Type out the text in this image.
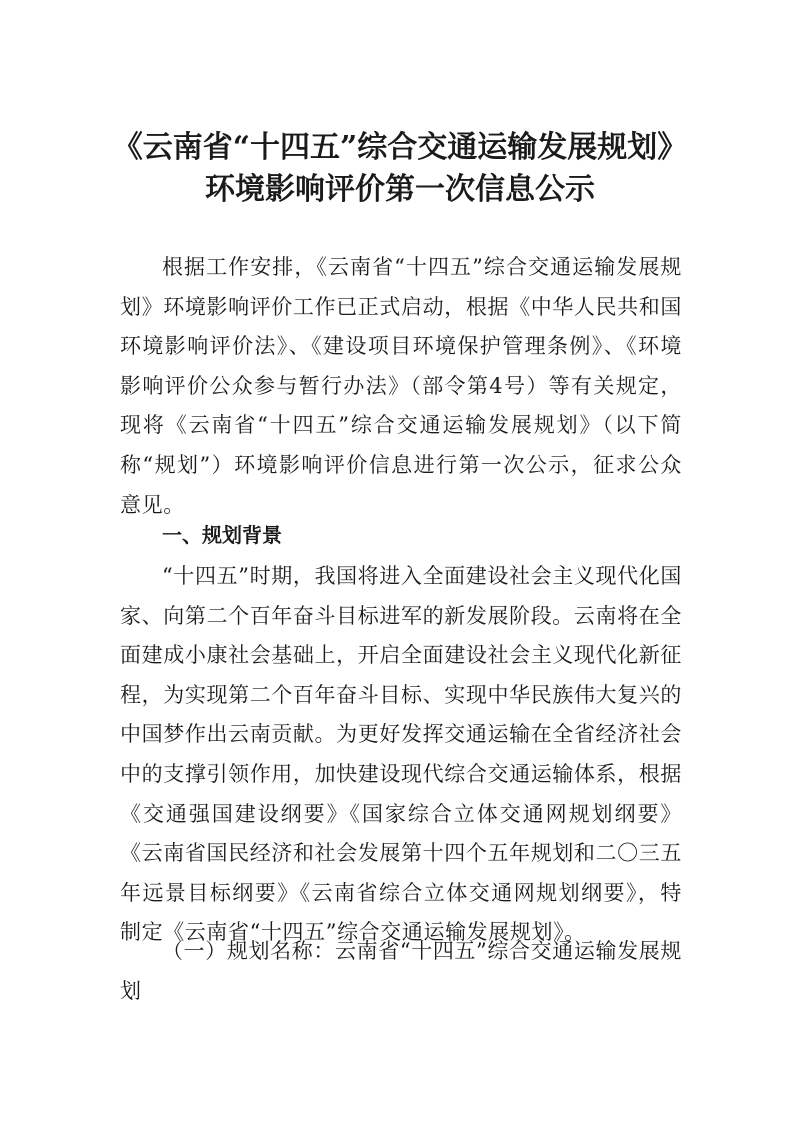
《云南省“十四五”综合交通运输发展规划》
环境影响评价第一次信息公示

根据工作安排，《云南省“十四五”综合交通运输发展规划》环境影响评价工作已正式启动，根据《中华人民共和国环境影响评价法》、《建设项目环境保护管理条例》、《环境影响评价公众参与暂行办法》（部令第4号）等有关规定，现将《云南省“十四五”综合交通运输发展规划》（以下简称“规划”）环境影响评价信息进行第一次公示，征求公众意见。

一、规划背景

“十四五”时期，我国将进入全面建设社会主义现代化国家、向第二个百年奋斗目标进军的新发展阶段。云南将在全面建成小康社会基础上，开启全面建设社会主义现代化新征程，为实现第二个百年奋斗目标、实现中华民族伟大复兴的中国梦作出云南贡献。为更好发挥交通运输在全省经济社会中的支撑引领作用，加快建设现代综合交通运输体系，根据《交通强国建设纲要》《国家综合立体交通网规划纲要》《云南省国民经济和社会发展第十四个五年规划和二〇三五年远景目标纲要》《云南省综合立体交通网规划纲要》，特制定《云南省“十四五”综合交通运输发展规划》。

（一）规划名称：云南省“十四五”综合交通运输发展规划
